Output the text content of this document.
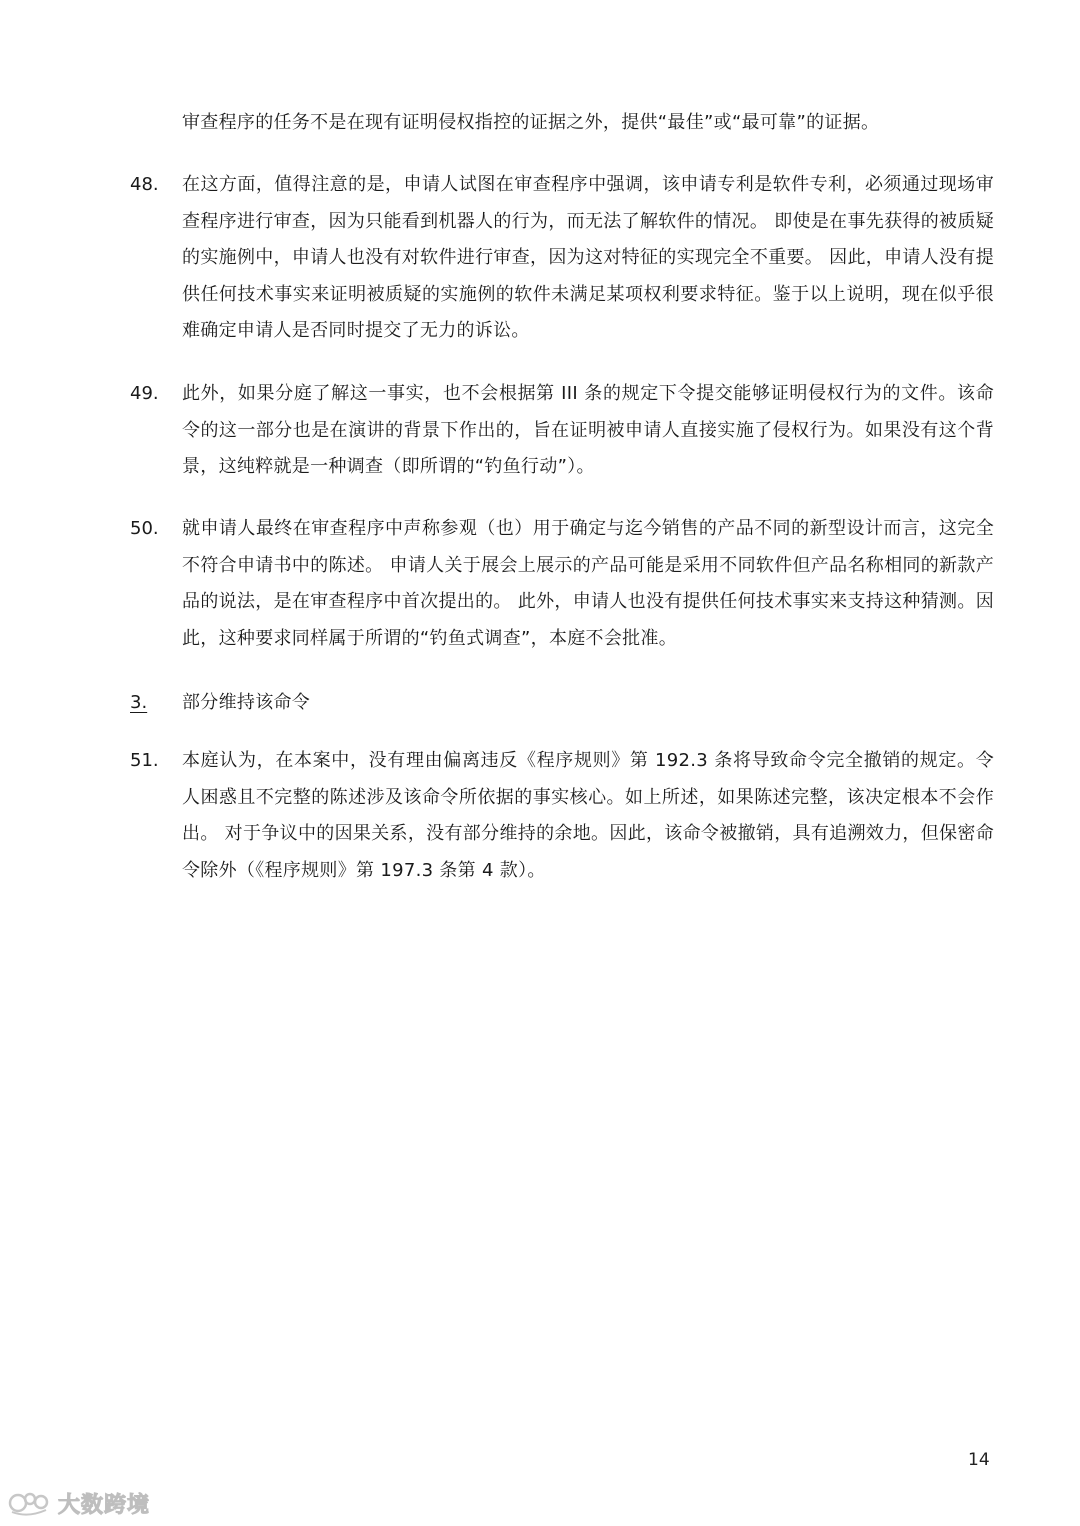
审查程序的任务不是在现有证明侵权指控的证据之外，提供“最佳”或“最可靠”的证据。
48.	在这方面，值得注意的是，申请人试图在审查程序中强调，该申请专利是软件专利，必须通过现场审查程序进行审查，因为只能看到机器人的行为，而无法了解软件的情况。 即使是在事先获得的被质疑的实施例中，申请人也没有对软件进行审查，因为这对特征的实现完全不重要。 因此，申请人没有提供任何技术事实来证明被质疑的实施例的软件未满足某项权利要求特征。鉴于以上说明，现在似乎很难确定申请人是否同时提交了无力的诉讼。
49.	此外，如果分庭了解这一事实，也不会根据第 III 条的规定下令提交能够证明侵权行为的文件。该命令的这一部分也是在演讲的背景下作出的，旨在证明被申请人直接实施了侵权行为。如果没有这个背景，这纯粹就是一种调查（即所谓的“钓鱼行动”）。
50.	就申请人最终在审查程序中声称参观（也）用于确定与迄今销售的产品不同的新型设计而言，这完全不符合申请书中的陈述。 申请人关于展会上展示的产品可能是采用不同软件但产品名称相同的新款产品的说法，是在审查程序中首次提出的。 此外，申请人也没有提供任何技术事实来支持这种猜测。因此，这种要求同样属于所谓的“钓鱼式调查”，本庭不会批准。
3.	部分维持该命令
51.	本庭认为，在本案中，没有理由偏离违反《程序规则》第 192.3 条将导致命令完全撤销的规定。令人困惑且不完整的陈述涉及该命令所依据的事实核心。如上所述，如果陈述完整，该决定根本不会作出。 对于争议中的因果关系，没有部分维持的余地。因此，该命令被撤销，具有追溯效力，但保密命令除外（《程序规则》第 197.3 条第 4 款）。
14
大数跨境
